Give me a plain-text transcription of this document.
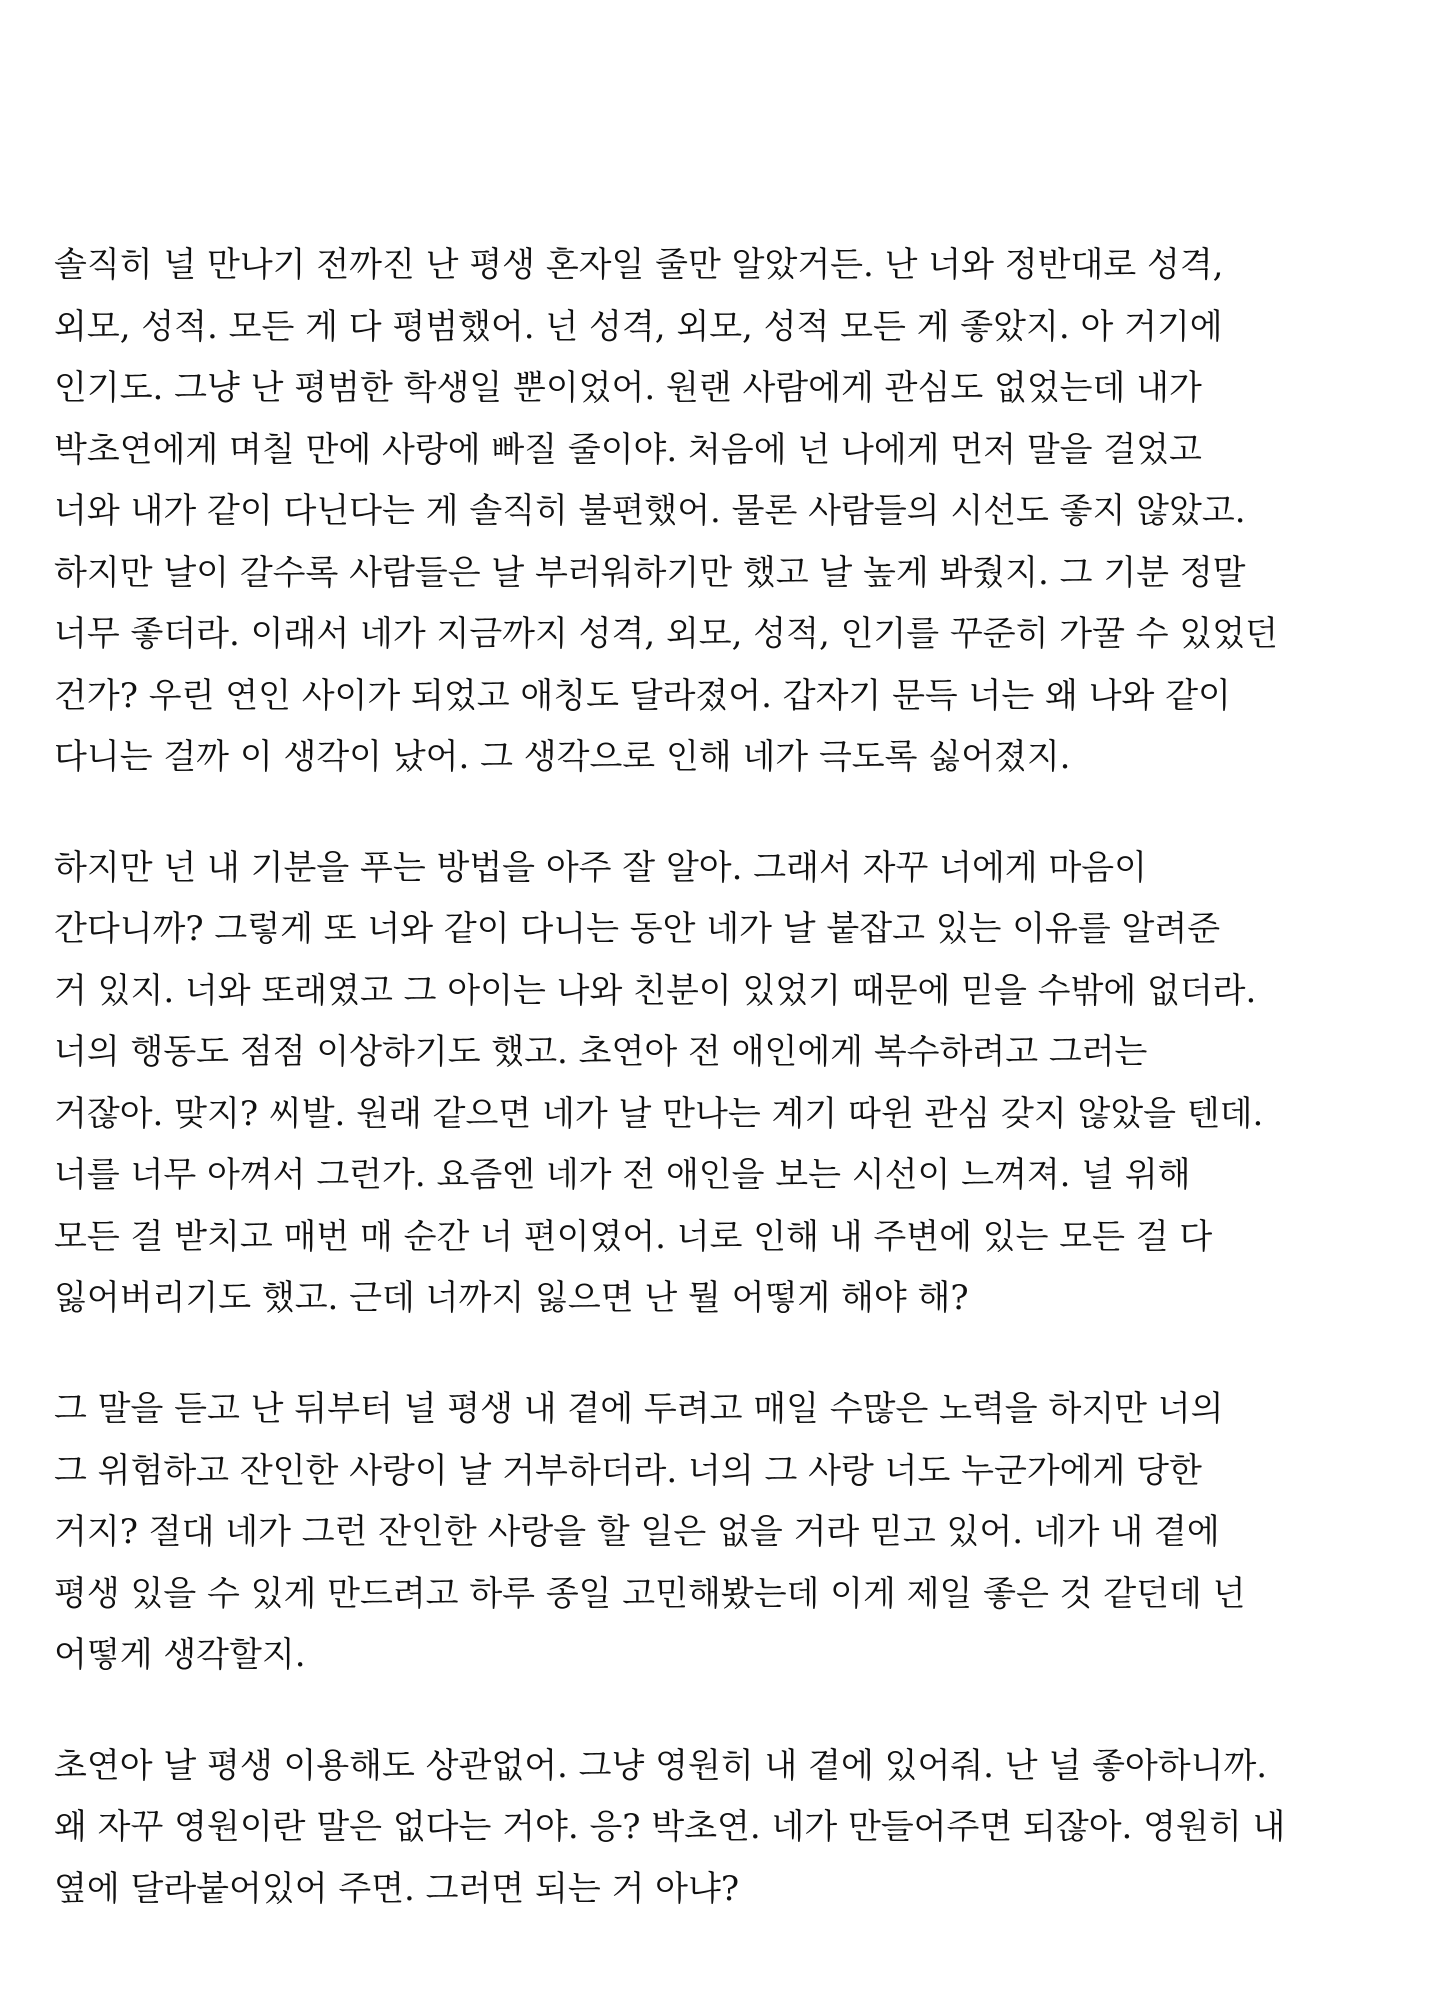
솔직히 널 만나기 전까진 난 평생 혼자일 줄만 알았거든. 난 너와 정반대로 성격,
외모, 성적. 모든 게 다 평범했어. 넌 성격, 외모, 성적 모든 게 좋았지. 아 거기에
인기도. 그냥 난 평범한 학생일 뿐이었어. 원랜 사람에게 관심도 없었는데 내가
박초연에게 며칠 만에 사랑에 빠질 줄이야. 처음에 넌 나에게 먼저 말을 걸었고
너와 내가 같이 다닌다는 게 솔직히 불편했어. 물론 사람들의 시선도 좋지 않았고.
하지만 날이 갈수록 사람들은 날 부러워하기만 했고 날 높게 봐줬지. 그 기분 정말
너무 좋더라. 이래서 네가 지금까지 성격, 외모, 성적, 인기를 꾸준히 가꿀 수 있었던
건가? 우린 연인 사이가 되었고 애칭도 달라졌어. 갑자기 문득 너는 왜 나와 같이
다니는 걸까 이 생각이 났어. 그 생각으로 인해 네가 극도록 싫어졌지.
하지만 넌 내 기분을 푸는 방법을 아주 잘 알아. 그래서 자꾸 너에게 마음이
간다니까? 그렇게 또 너와 같이 다니는 동안 네가 날 붙잡고 있는 이유를 알려준
거 있지. 너와 또래였고 그 아이는 나와 친분이 있었기 때문에 믿을 수밖에 없더라.
너의 행동도 점점 이상하기도 했고. 초연아 전 애인에게 복수하려고 그러는
거잖아. 맞지? 씨발. 원래 같으면 네가 날 만나는 계기 따윈 관심 갖지 않았을 텐데.
너를 너무 아껴서 그런가. 요즘엔 네가 전 애인을 보는 시선이 느껴져. 널 위해
모든 걸 받치고 매번 매 순간 너 편이였어. 너로 인해 내 주변에 있는 모든 걸 다
잃어버리기도 했고. 근데 너까지 잃으면 난 뭘 어떻게 해야 해?
그 말을 듣고 난 뒤부터 널 평생 내 곁에 두려고 매일 수많은 노력을 하지만 너의
그 위험하고 잔인한 사랑이 날 거부하더라. 너의 그 사랑 너도 누군가에게 당한
거지? 절대 네가 그런 잔인한 사랑을 할 일은 없을 거라 믿고 있어. 네가 내 곁에
평생 있을 수 있게 만드려고 하루 종일 고민해봤는데 이게 제일 좋은 것 같던데 넌
어떻게 생각할지.
초연아 날 평생 이용해도 상관없어. 그냥 영원히 내 곁에 있어줘. 난 널 좋아하니까.
왜 자꾸 영원이란 말은 없다는 거야. 응? 박초연. 네가 만들어주면 되잖아. 영원히 내
옆에 달라붙어있어 주면. 그러면 되는 거 아냐?
